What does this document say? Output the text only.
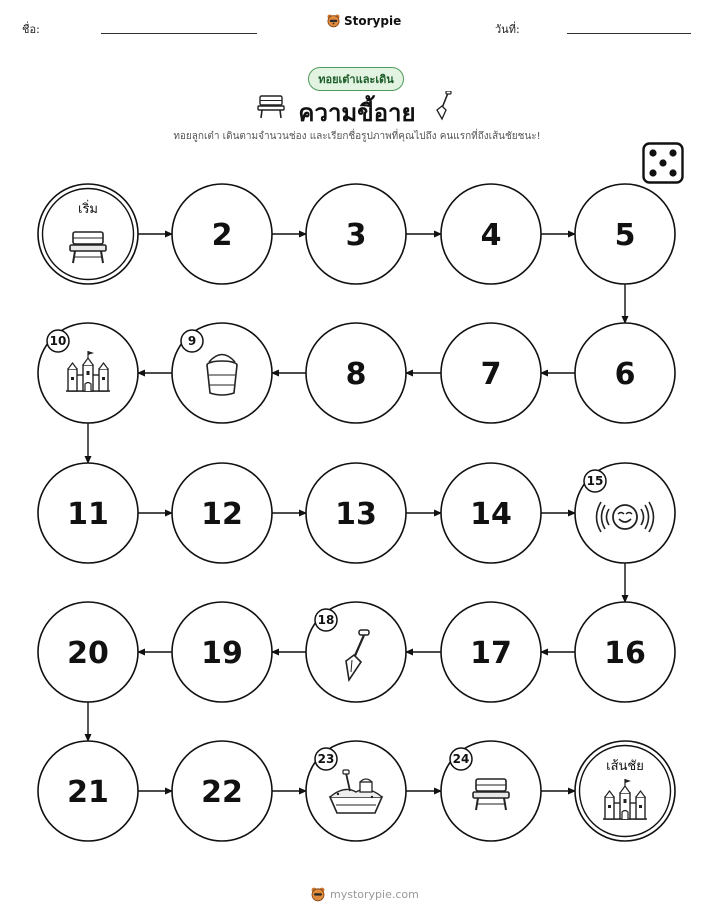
ชื่อ:
Storypie
วันที่:
ทอยเต๋าและเดิน
ความขี้อาย
ทอยลูกเต๋า เดินตามจำนวนช่อง และเรียกชื่อรูปภาพที่คุณไปถึง คนแรกที่ถึงเส้นชัยชนะ!
เริ่ม
2	3	4	5
6
7
8
9
10
11	12	13	14
15
16
17
18
19
20
21	22
23	24	เส้นชัย
mystorypie.com
